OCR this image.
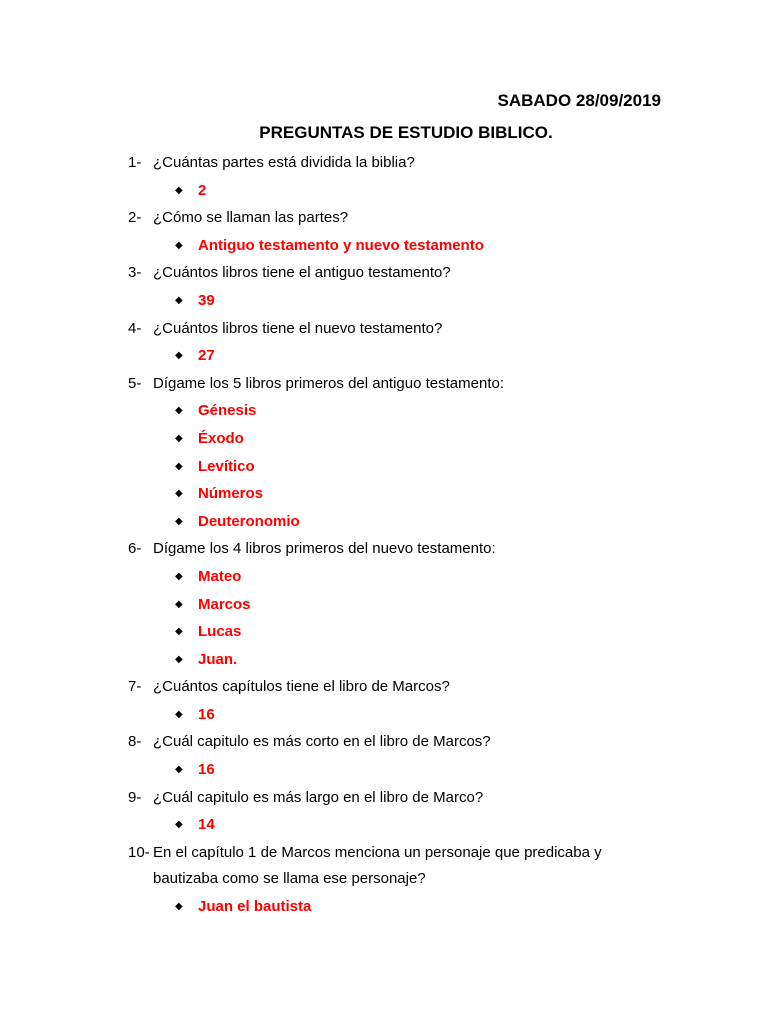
SABADO 28/09/2019
PREGUNTAS DE ESTUDIO BIBLICO.
1- ¿Cuántas partes está dividida la biblia?
◆ 2
2- ¿Cómo se llaman las partes?
◆ Antiguo testamento y nuevo testamento
3- ¿Cuántos libros tiene el antiguo testamento?
◆ 39
4- ¿Cuántos libros tiene el nuevo testamento?
◆ 27
5- Dígame los 5 libros primeros del antiguo testamento:
◆ Génesis
◆ Éxodo
◆ Levítico
◆ Números
◆ Deuteronomio
6- Dígame los 4 libros primeros del nuevo testamento:
◆ Mateo
◆ Marcos
◆ Lucas
◆ Juan.
7- ¿Cuántos capítulos tiene el libro de Marcos?
◆ 16
8- ¿Cuál capitulo es más corto en el libro de Marcos?
◆ 16
9- ¿Cuál capitulo es más largo en el libro de Marco?
◆ 14
10- En el capítulo 1 de Marcos menciona un personaje que predicaba y bautizaba como se llama ese personaje?
◆ Juan el bautista
